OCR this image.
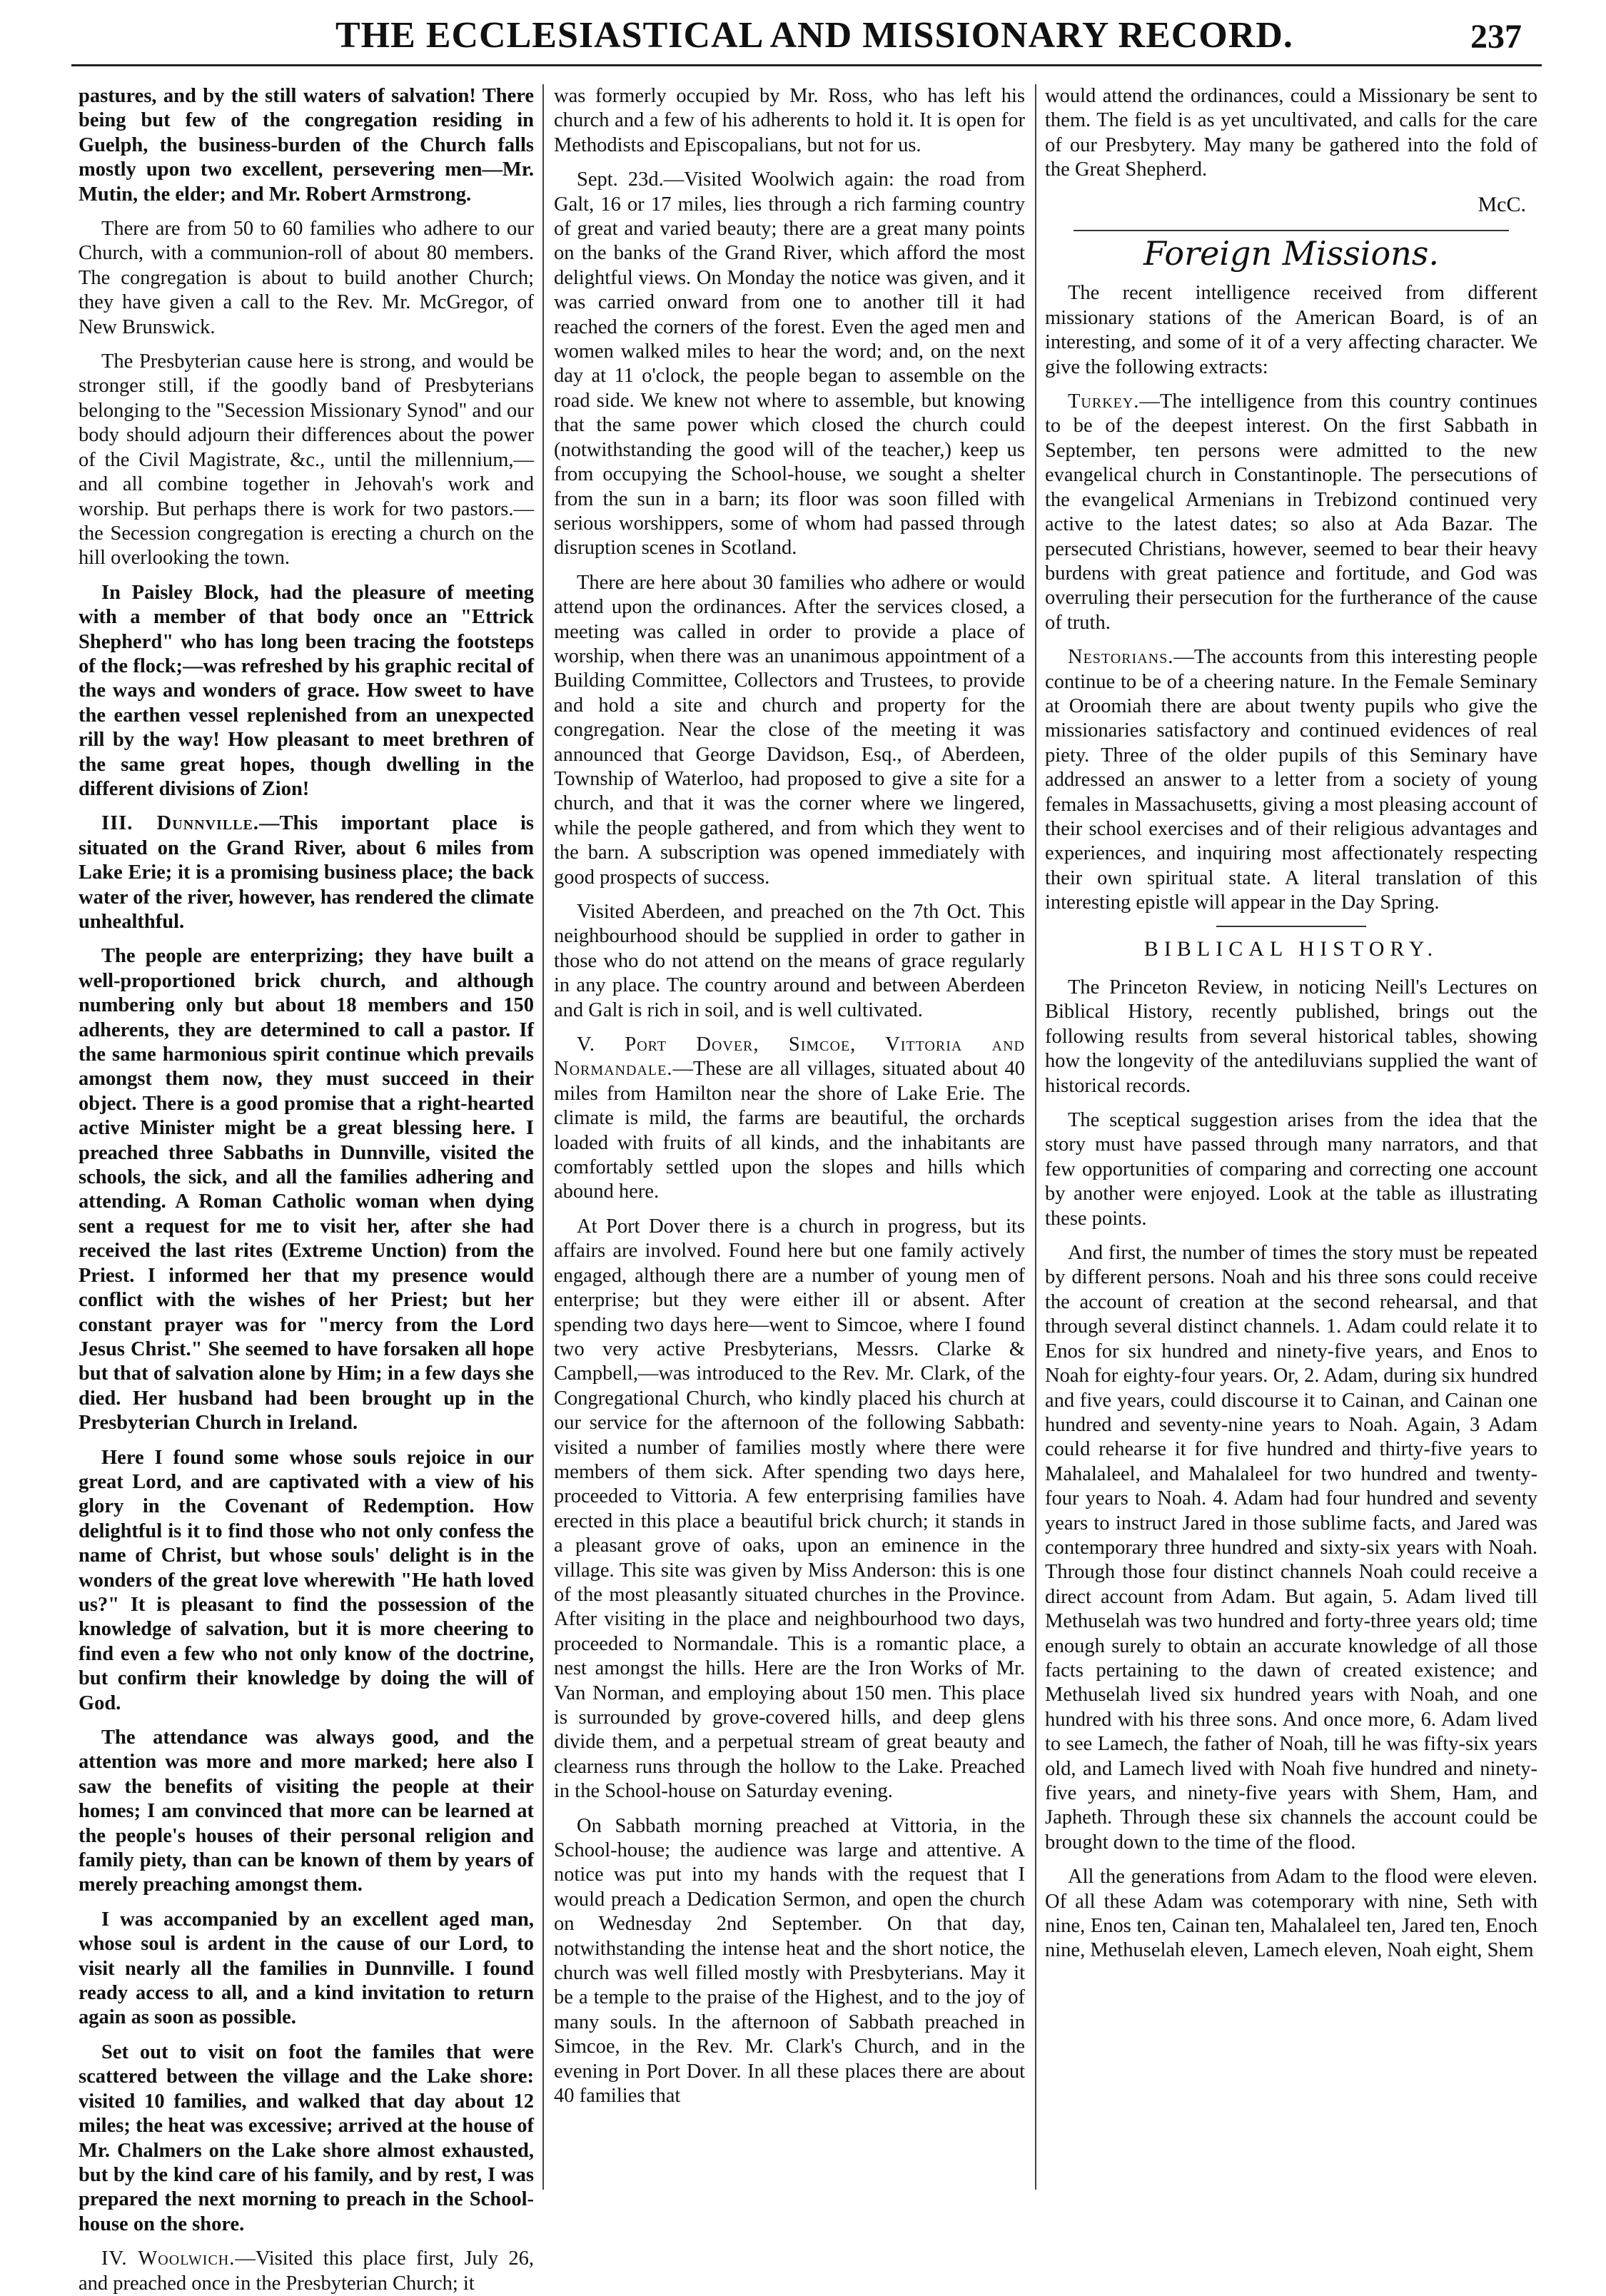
THE ECCLESIASTICAL AND MISSIONARY RECORD.	237

pastures, and by the still waters of salvation! There being but few of the congregation residing in Guelph, the business-burden of the Church falls mostly upon two excellent, persevering men—Mr. Mutin, the elder; and Mr. Robert Armstrong.

There are from 50 to 60 families who adhere to our Church, with a communion-roll of about 80 members. The congregation is about to build another Church; they have given a call to the Rev. Mr. McGregor, of New Brunswick.

The Presbyterian cause here is strong, and would be stronger still, if the goodly band of Presbyterians belonging to the "Secession Missionary Synod" and our body should adjourn their differences about the power of the Civil Magistrate, &c., until the millennium,—and all combine together in Jehovah's work and worship. But perhaps there is work for two pastors.—the Secession congregation is erecting a church on the hill overlooking the town.

In Paisley Block, had the pleasure of meeting with a member of that body once an "Ettrick Shepherd" who has long been tracing the footsteps of the flock;—was refreshed by his graphic recital of the ways and wonders of grace. How sweet to have the earthen vessel replenished from an unexpected rill by the way! How pleasant to meet brethren of the same great hopes, though dwelling in the different divisions of Zion!

III. Dunnville.—This important place is situated on the Grand River, about 6 miles from Lake Erie; it is a promising business place; the back water of the river, however, has rendered the climate unhealthful.

The people are enterprizing; they have built a well-proportioned brick church, and although numbering only but about 18 members and 150 adherents, they are determined to call a pastor. If the same harmonious spirit continue which prevails amongst them now, they must succeed in their object. There is a good promise that a right-hearted active Minister might be a great blessing here. I preached three Sabbaths in Dunnville, visited the schools, the sick, and all the families adhering and attending. A Roman Catholic woman when dying sent a request for me to visit her, after she had received the last rites (Extreme Unction) from the Priest. I informed her that my presence would conflict with the wishes of her Priest; but her constant prayer was for "mercy from the Lord Jesus Christ." She seemed to have forsaken all hope but that of salvation alone by Him; in a few days she died. Her husband had been brought up in the Presbyterian Church in Ireland.

Here I found some whose souls rejoice in our great Lord, and are captivated with a view of his glory in the Covenant of Redemption. How delightful is it to find those who not only confess the name of Christ, but whose souls' delight is in the wonders of the great love wherewith "He hath loved us?" It is pleasant to find the possession of the knowledge of salvation, but it is more cheering to find even a few who not only know of the doctrine, but confirm their knowledge by doing the will of God.

The attendance was always good, and the attention was more and more marked; here also I saw the benefits of visiting the people at their homes; I am convinced that more can be learned at the people's houses of their personal religion and family piety, than can be known of them by years of merely preaching amongst them.

I was accompanied by an excellent aged man, whose soul is ardent in the cause of our Lord, to visit nearly all the families in Dunnville. I found ready access to all, and a kind invitation to return again as soon as possible.

Set out to visit on foot the familes that were scattered between the village and the Lake shore: visited 10 families, and walked that day about 12 miles; the heat was excessive; arrived at the house of Mr. Chalmers on the Lake shore almost exhausted, but by the kind care of his family, and by rest, I was prepared the next morning to preach in the School-house on the shore.

IV. Woolwich.—Visited this place first, July 26, and preached once in the Presbyterian Church; it

was formerly occupied by Mr. Ross, who has left his church and a few of his adherents to hold it. It is open for Methodists and Episcopalians, but not for us.

Sept. 23d.—Visited Woolwich again: the road from Galt, 16 or 17 miles, lies through a rich farming country of great and varied beauty; there are a great many points on the banks of the Grand River, which afford the most delightful views. On Monday the notice was given, and it was carried onward from one to another till it had reached the corners of the forest. Even the aged men and women walked miles to hear the word; and, on the next day at 11 o'clock, the people began to assemble on the road side. We knew not where to assemble, but knowing that the same power which closed the church could (notwithstanding the good will of the teacher,) keep us from occupying the School-house, we sought a shelter from the sun in a barn; its floor was soon filled with serious worshippers, some of whom had passed through disruption scenes in Scotland.

There are here about 30 families who adhere or would attend upon the ordinances. After the services closed, a meeting was called in order to provide a place of worship, when there was an unanimous appointment of a Building Committee, Collectors and Trustees, to provide and hold a site and church and property for the congregation. Near the close of the meeting it was announced that George Davidson, Esq., of Aberdeen, Township of Waterloo, had proposed to give a site for a church, and that it was the corner where we lingered, while the people gathered, and from which they went to the barn. A subscription was opened immediately with good prospects of success.

Visited Aberdeen, and preached on the 7th Oct. This neighbourhood should be supplied in order to gather in those who do not attend on the means of grace regularly in any place. The country around and between Aberdeen and Galt is rich in soil, and is well cultivated.

V. Port Dover, Simcoe, Vittoria and Normandale.—These are all villages, situated about 40 miles from Hamilton near the shore of Lake Erie. The climate is mild, the farms are beautiful, the orchards loaded with fruits of all kinds, and the inhabitants are comfortably settled upon the slopes and hills which abound here.

At Port Dover there is a church in progress, but its affairs are involved. Found here but one family actively engaged, although there are a number of young men of enterprise; but they were either ill or absent. After spending two days here—went to Simcoe, where I found two very active Presbyterians, Messrs. Clarke & Campbell,—was introduced to the Rev. Mr. Clark, of the Congregational Church, who kindly placed his church at our service for the afternoon of the following Sabbath: visited a number of families mostly where there were members of them sick. After spending two days here, proceeded to Vittoria. A few enterprising families have erected in this place a beautiful brick church; it stands in a pleasant grove of oaks, upon an eminence in the village. This site was given by Miss Anderson: this is one of the most pleasantly situated churches in the Province. After visiting in the place and neighbourhood two days, proceeded to Normandale. This is a romantic place, a nest amongst the hills. Here are the Iron Works of Mr. Van Norman, and employing about 150 men. This place is surrounded by grove-covered hills, and deep glens divide them, and a perpetual stream of great beauty and clearness runs through the hollow to the Lake. Preached in the School-house on Saturday evening.

On Sabbath morning preached at Vittoria, in the School-house; the audience was large and attentive. A notice was put into my hands with the request that I would preach a Dedication Sermon, and open the church on Wednesday 2nd September. On that day, notwithstanding the intense heat and the short notice, the church was well filled mostly with Presbyterians. May it be a temple to the praise of the Highest, and to the joy of many souls. In the afternoon of Sabbath preached in Simcoe, in the Rev. Mr. Clark's Church, and in the evening in Port Dover. In all these places there are about 40 families that

would attend the ordinances, could a Missionary be sent to them. The field is as yet uncultivated, and calls for the care of our Presbytery. May many be gathered into the fold of the Great Shepherd.

McC.

Foreign Missions.

The recent intelligence received from different missionary stations of the American Board, is of an interesting, and some of it of a very affecting character. We give the following extracts:

Turkey.—The intelligence from this country continues to be of the deepest interest. On the first Sabbath in September, ten persons were admitted to the new evangelical church in Constantinople. The persecutions of the evangelical Armenians in Trebizond continued very active to the latest dates; so also at Ada Bazar. The persecuted Christians, however, seemed to bear their heavy burdens with great patience and fortitude, and God was overruling their persecution for the furtherance of the cause of truth.

Nestorians.—The accounts from this interesting people continue to be of a cheering nature. In the Female Seminary at Oroomiah there are about twenty pupils who give the missionaries satisfactory and continued evidences of real piety. Three of the older pupils of this Seminary have addressed an answer to a letter from a society of young females in Massachusetts, giving a most pleasing account of their school exercises and of their religious advantages and experiences, and inquiring most affectionately respecting their own spiritual state. A literal translation of this interesting epistle will appear in the Day Spring.

BIBLICAL HISTORY.

The Princeton Review, in noticing Neill's Lectures on Biblical History, recently published, brings out the following results from several historical tables, showing how the longevity of the antediluvians supplied the want of historical records.

The sceptical suggestion arises from the idea that the story must have passed through many narrators, and that few opportunities of comparing and correcting one account by another were enjoyed. Look at the table as illustrating these points.

And first, the number of times the story must be repeated by different persons. Noah and his three sons could receive the account of creation at the second rehearsal, and that through several distinct channels. 1. Adam could relate it to Enos for six hundred and ninety-five years, and Enos to Noah for eighty-four years. Or, 2. Adam, during six hundred and five years, could discourse it to Cainan, and Cainan one hundred and seventy-nine years to Noah. Again, 3 Adam could rehearse it for five hundred and thirty-five years to Mahalaleel, and Mahalaleel for two hundred and twenty-four years to Noah. 4. Adam had four hundred and seventy years to instruct Jared in those sublime facts, and Jared was contemporary three hundred and sixty-six years with Noah. Through those four distinct channels Noah could receive a direct account from Adam. But again, 5. Adam lived till Methuselah was two hundred and forty-three years old; time enough surely to obtain an accurate knowledge of all those facts pertaining to the dawn of created existence; and Methuselah lived six hundred years with Noah, and one hundred with his three sons. And once more, 6. Adam lived to see Lamech, the father of Noah, till he was fifty-six years old, and Lamech lived with Noah five hundred and ninety-five years, and ninety-five years with Shem, Ham, and Japheth. Through these six channels the account could be brought down to the time of the flood.

All the generations from Adam to the flood were eleven. Of all these Adam was cotemporary with nine, Seth with nine, Enos ten, Cainan ten, Mahalaleel ten, Jared ten, Enoch nine, Methuselah eleven, Lamech eleven, Noah eight, Shem
